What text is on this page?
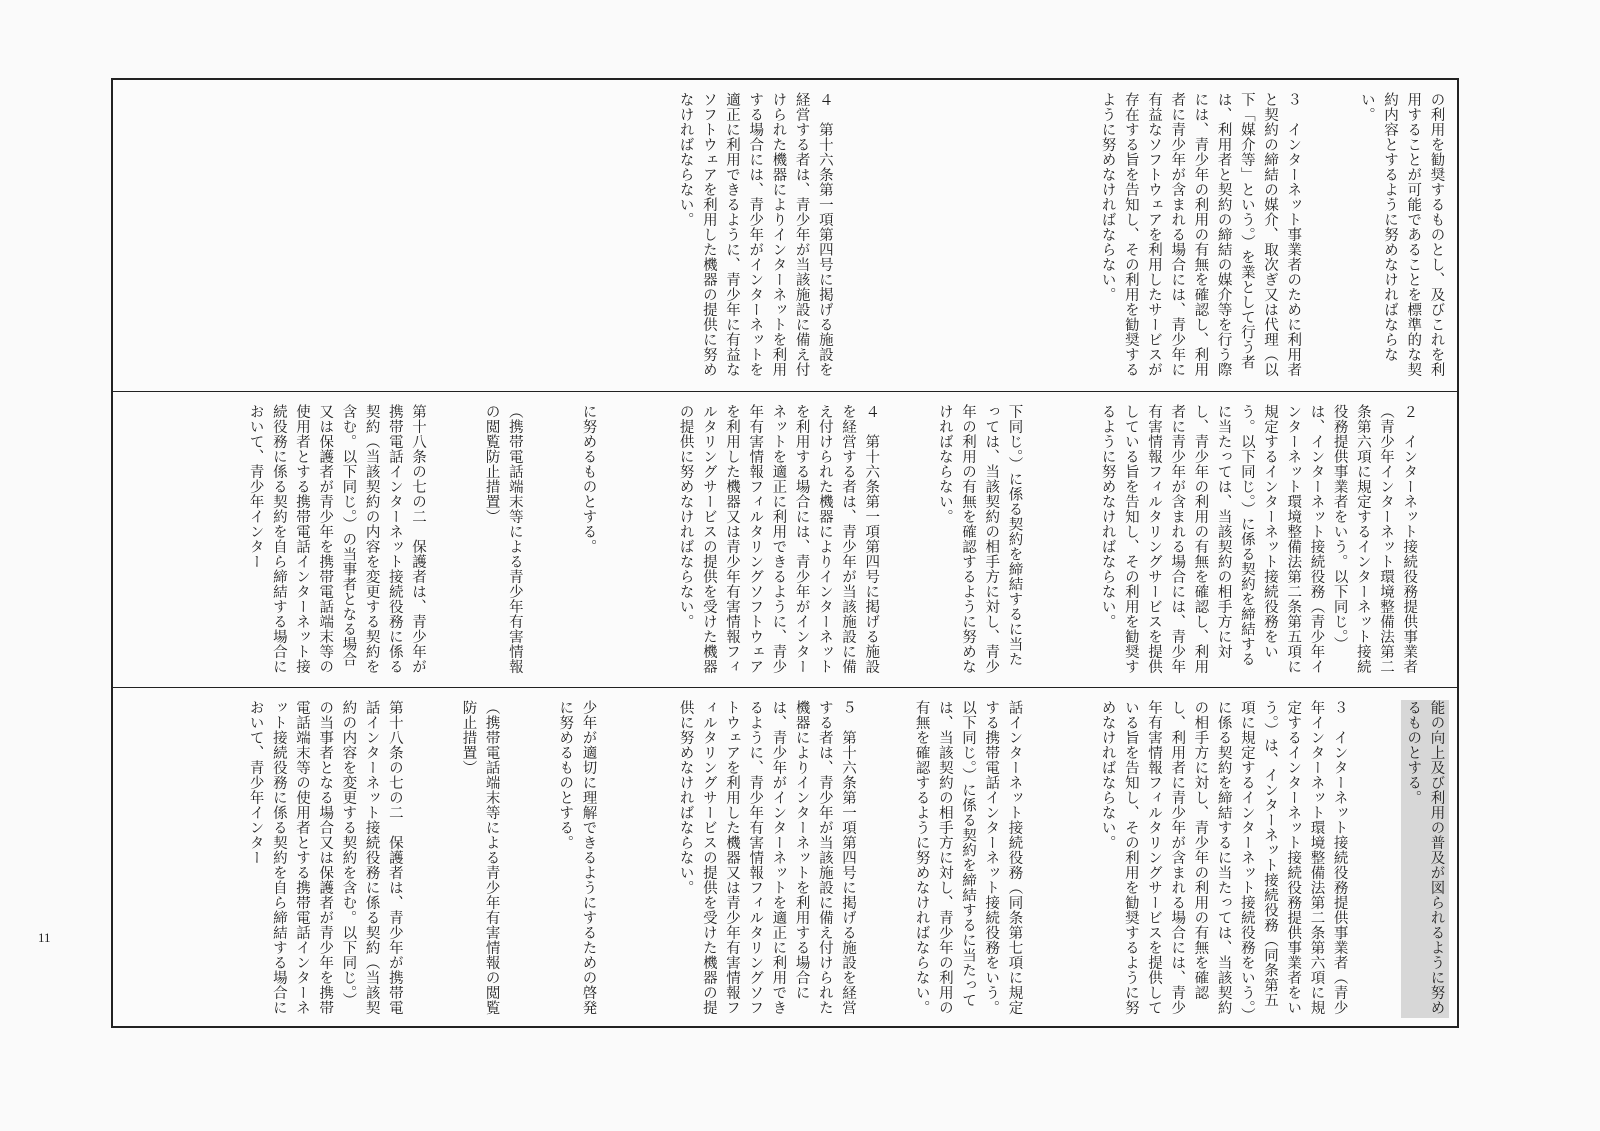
11

　の利用を勧奨するものとし、及びこれを利用することが可能であることを標準的な契約内容とするように努めなければならない。

３　インターネット事業者のために利用者と契約の締結の媒介、取次ぎ又は代理（以下「媒介等」という。）を業として行う者は、利用者と契約の締結の媒介等を行う際には、青少年の利用の有無を確認し、利用者に青少年が含まれる場合には、青少年に有益なソフトウェアを利用したサービスが存在する旨を告知し、その利用を勧奨するように努めなければならない。

４　第十六条第一項第四号に掲げる施設を経営する者は、青少年が当該施設に備え付けられた機器によりインターネットを利用する場合には、青少年がインターネットを適正に利用できるように、青少年に有益なソフトウェアを利用した機器の提供に努めなければならない。

２　インターネット接続役務提供事業者（青少年インターネット環境整備法第二条第六項に規定するインターネット接続役務提供事業者をいう。以下同じ。）は、インターネット接続役務（青少年インターネット環境整備法第二条第五項に規定するインターネット接続役務をいう。以下同じ。）に係る契約を締結するに当たっては、当該契約の相手方に対し、青少年の利用の有無を確認し、利用者に青少年が含まれる場合には、青少年有害情報フィルタリングサービスを提供している旨を告知し、その利用を勧奨するように努めなければならない。

　下同じ。）に係る契約を締結するに当たっては、当該契約の相手方に対し、青少年の利用の有無を確認するように努めなければならない。

４　第十六条第一項第四号に掲げる施設を経営する者は、青少年が当該施設に備え付けられた機器によりインターネットを利用する場合には、青少年がインターネットを適正に利用できるように、青少年有害情報フィルタリングソフトウェアを利用した機器又は青少年有害情報フィルタリングサービスの提供を受けた機器の提供に努めなければならない。

　に努めるものとする。

（携帯電話端末等による青少年有害情報の閲覧防止措置）

第十八条の七の二　保護者は、青少年が携帯電話インターネット接続役務に係る契約（当該契約の内容を変更する契約を含む。以下同じ。）の当事者となる場合又は保護者が青少年を携帯電話端末等の使用者とする携帯電話インターネット接続役務に係る契約を自ら締結する場合において、青少年インター

能の向上及び利用の普及が図られるように努めるものとする。

３　インターネット接続役務提供事業者（青少年インターネット環境整備法第二条第六項に規定するインターネット接続役務提供事業者をいう。）は、インターネット接続役務（同条第五項に規定するインターネット接続役務をいう。）に係る契約を締結するに当たっては、当該契約の相手方に対し、青少年の利用の有無を確認し、利用者に青少年が含まれる場合には、青少年有害情報フィルタリングサービスを提供している旨を告知し、その利用を勧奨するように努めなければならない。

　話インターネット接続役務（同条第七項に規定する携帯電話インターネット接続役務をいう。以下同じ。）に係る契約を締結するに当たっては、当該契約の相手方に対し、青少年の利用の有無を確認するように努めなければならない。

５　第十六条第一項第四号に掲げる施設を経営する者は、青少年が当該施設に備え付けられた機器によりインターネットを利用する場合には、青少年がインターネットを適正に利用できるように、青少年有害情報フィルタリングソフトウェアを利用した機器又は青少年有害情報フィルタリングサービスの提供を受けた機器の提供に努めなければならない。

　少年が適切に理解できるようにするための啓発に努めるものとする。

（携帯電話端末等による青少年有害情報の閲覧防止措置）

第十八条の七の二　保護者は、青少年が携帯電話インターネット接続役務に係る契約（当該契約の内容を変更する契約を含む。以下同じ。）の当事者となる場合又は保護者が青少年を携帯電話端末等の使用者とする携帯電話インターネット接続役務に係る契約を自ら締結する場合において、青少年インター
